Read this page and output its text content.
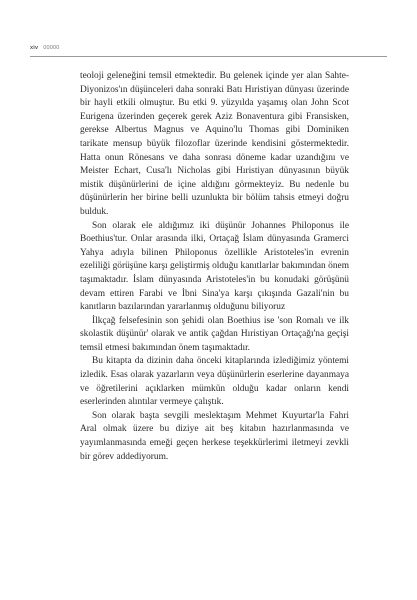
xiv 00000

teoloji geleneğini temsil etmektedir. Bu gelenek içinde yer alan Sahte-Diyonizos'ın düşünceleri daha sonraki Batı Hıristiyan dünyası üzerinde bir hayli etkili olmuştur. Bu etki 9. yüzyılda yaşamış olan John Scot Eurigena üzerinden geçerek gerek Aziz Bonaventura gibi Fransisken, gerekse Albertus Magnus ve Aquino'lu Thomas gibi Dominiken tarikate mensup büyük filozoflar üzerinde kendisini göstermektedir. Hatta onun Rönesans ve daha sonrası döneme kadar uzandığını ve Meister Echart, Cusa'lı Nicholas gibi Hıristiyan dünyasının büyük mistik düşünürlerini de içine aldığını görmekteyiz. Bu nedenle bu düşünürlerin her birine belli uzunlukta bir bölüm tahsis etmeyi doğru bulduk.

Son olarak ele aldığımız iki düşünür Johannes Philoponus ile Boethius'tur. Onlar arasında ilki, Ortaçağ İslam dünyasında Gramerci Yahya adıyla bilinen Philoponus özellikle Aristoteles'in evrenin ezeliliği görüşüne karşı geliştirmiş olduğu kanıtlarlar bakımından önem taşımaktadır. İslam dünyasında Aristoteles'in bu konudaki görüşünü devam ettiren Farabi ve İbni Sina'ya karşı çıkışında Gazali'nin bu kanıtların bazılarından yararlanmış olduğunu biliyoruz

İlkçağ felsefesinin son şehidi olan Boethius ise 'son Romalı ve ilk skolastik düşünür' olarak ve antik çağdan Hıristiyan Ortaçağı'na geçişi temsil etmesi bakımından önem taşımaktadır.

Bu kitapta da dizinin daha önceki kitaplarında izlediğimiz yöntemi izledik. Esas olarak yazarların veya düşünürlerin eserlerine dayanmaya ve öğretilerini açıklarken mümkün olduğu kadar onların kendi eserlerinden alıntılar vermeye çalıştık.

Son olarak başta sevgili meslektaşım Mehmet Kuyurtar'la Fahri Aral olmak üzere bu diziye ait beş kitabın hazırlanmasında ve yayımlanmasında emeği geçen herkese teşekkürlerimi iletmeyi zevkli bir görev addediyorum.
